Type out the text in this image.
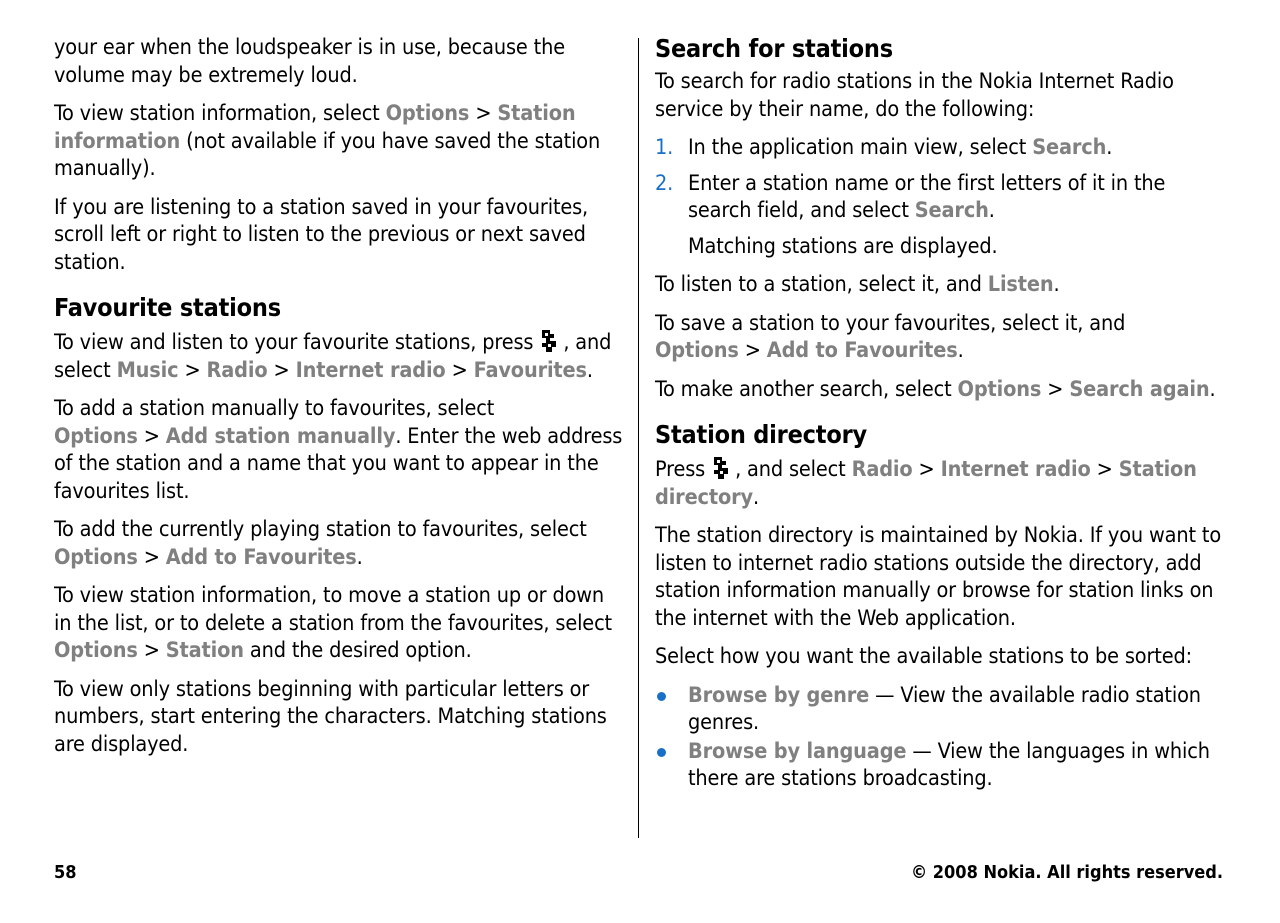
your ear when the loudspeaker is in use, because the volume may be extremely loud.

To view station information, select Options > Station information (not available if you have saved the station manually).

If you are listening to a station saved in your favourites, scroll left or right to listen to the previous or next saved station.

Favourite stations

To view and listen to your favourite stations, press , and select Music > Radio > Internet radio > Favourites.

To add a station manually to favourites, select Options > Add station manually. Enter the web address of the station and a name that you want to appear in the favourites list.

To add the currently playing station to favourites, select Options > Add to Favourites.

To view station information, to move a station up or down in the list, or to delete a station from the favourites, select Options > Station and the desired option.

To view only stations beginning with particular letters or numbers, start entering the characters. Matching stations are displayed.

Search for stations

To search for radio stations in the Nokia Internet Radio service by their name, do the following:

1. In the application main view, select Search.
2. Enter a station name or the first letters of it in the search field, and select Search.
Matching stations are displayed.

To listen to a station, select it, and Listen.

To save a station to your favourites, select it, and Options > Add to Favourites.

To make another search, select Options > Search again.

Station directory

Press , and select Radio > Internet radio > Station directory.

The station directory is maintained by Nokia. If you want to listen to internet radio stations outside the directory, add station information manually or browse for station links on the internet with the Web application.

Select how you want the available stations to be sorted:

Browse by genre — View the available radio station genres.
Browse by language — View the languages in which there are stations broadcasting.
58	© 2008 Nokia. All rights reserved.
